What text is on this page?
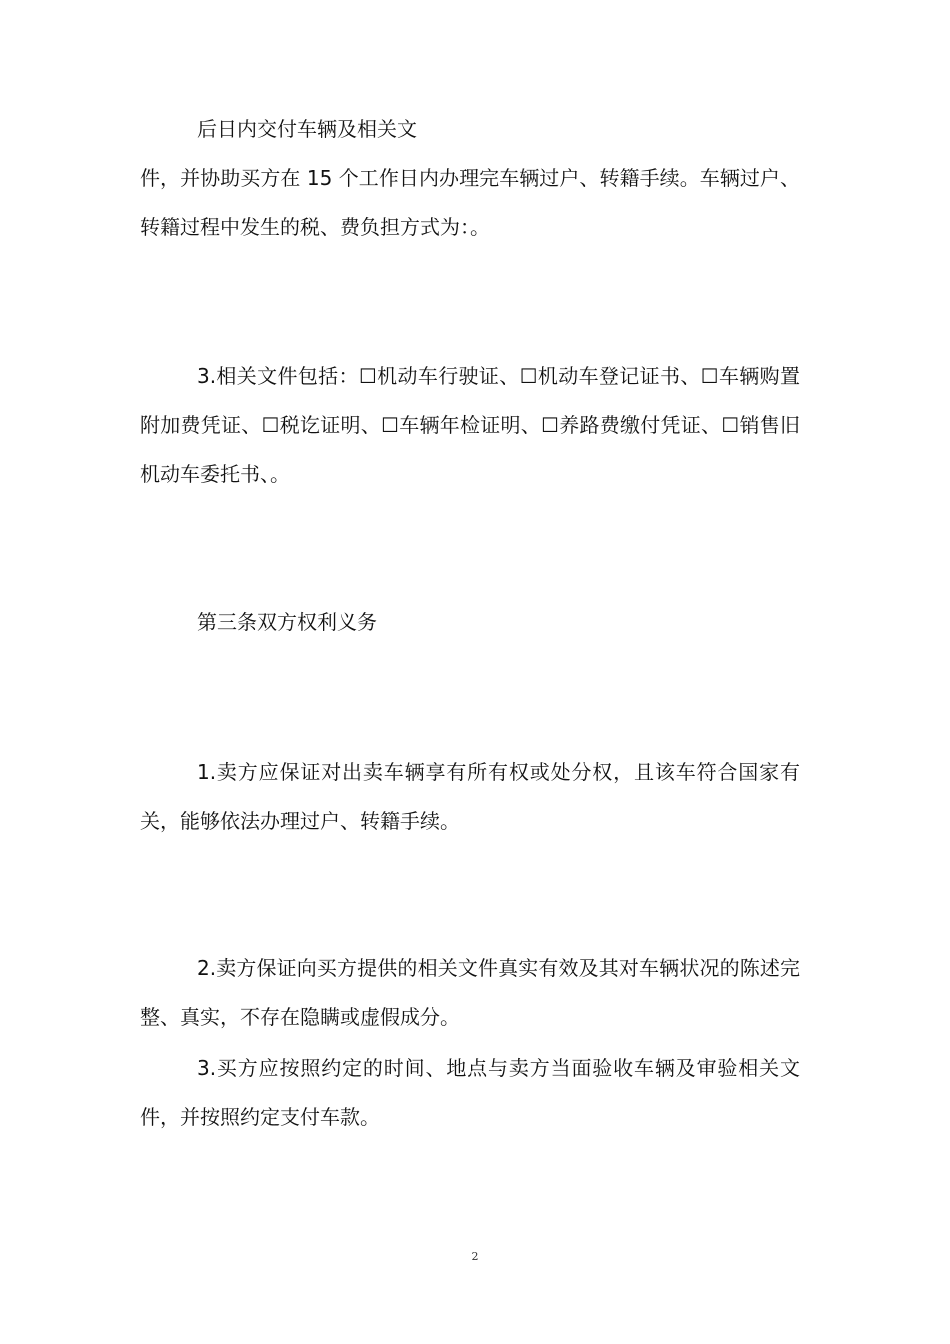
后日内交付车辆及相关文

件，并协助买方在 15 个工作日内办理完车辆过户、转籍手续。车辆过户、转籍过程中发生的税、费负担方式为：。

3.相关文件包括：☐机动车行驶证、☐机动车登记证书、☐车辆购置附加费凭证、☐税讫证明、☐车辆年检证明、☐养路费缴付凭证、☐销售旧机动车委托书、。

第三条双方权利义务

1.卖方应保证对出卖车辆享有所有权或处分权，且该车符合国家有关，能够依法办理过户、转籍手续。

2.卖方保证向买方提供的相关文件真实有效及其对车辆状况的陈述完整、真实，不存在隐瞒或虚假成分。

3.买方应按照约定的时间、地点与卖方当面验收车辆及审验相关文件，并按照约定支付车款。

2
